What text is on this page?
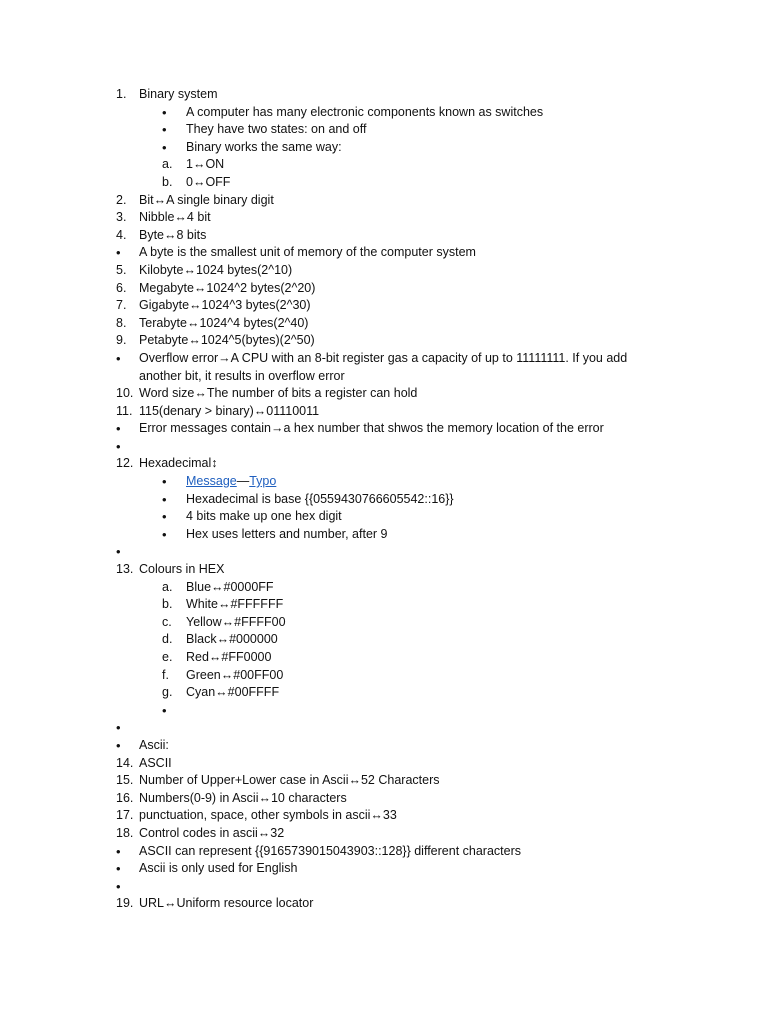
1. Binary system
•
A computer has many electronic components known as switches
•
They have two states: on and off
•
Binary works the same way:
a. 1↔ON
b. 0↔OFF
2. Bit↔A single binary digit
3. Nibble↔4 bit
4. Byte↔8 bits
•
A byte is the smallest unit of memory of the computer system
5. Kilobyte↔1024 bytes(2^10)
6. Megabyte↔1024^2 bytes(2^20)
7. Gigabyte↔1024^3 bytes(2^30)
8. Terabyte↔1024^4 bytes(2^40)
9. Petabyte↔1024^5(bytes)(2^50)
•
Overflow error→A CPU with an 8-bit register gas a capacity of up to 11111111. If you add another bit, it results in overflow error
10. Word size↔The number of bits a register can hold
11. 115(denary > binary)↔01110011
•
Error messages contain→a hex number that shwos the memory location of the error
•
12. Hexadecimal↕
•
Message—Typo
•
Hexadecimal is base {{0559430766605542::16}}
•
4 bits make up one hex digit
•
Hex uses letters and number, after 9
•
13. Colours in HEX
a. Blue↔#0000FF
b. White↔#FFFFFF
c. Yellow↔#FFFF00
d. Black↔#000000
e. Red↔#FF0000
f. Green↔#00FF00
g. Cyan↔#00FFFF
•
•
•
Ascii:
14. ASCII
15. Number of Upper+Lower case in Ascii↔52 Characters
16. Numbers(0-9) in Ascii↔10 characters
17. punctuation, space, other symbols in ascii↔33
18. Control codes in ascii↔32
•
ASCII can represent {{9165739015043903::128}} different characters
•
Ascii is only used for English
•
19. URL↔Uniform resource locator
